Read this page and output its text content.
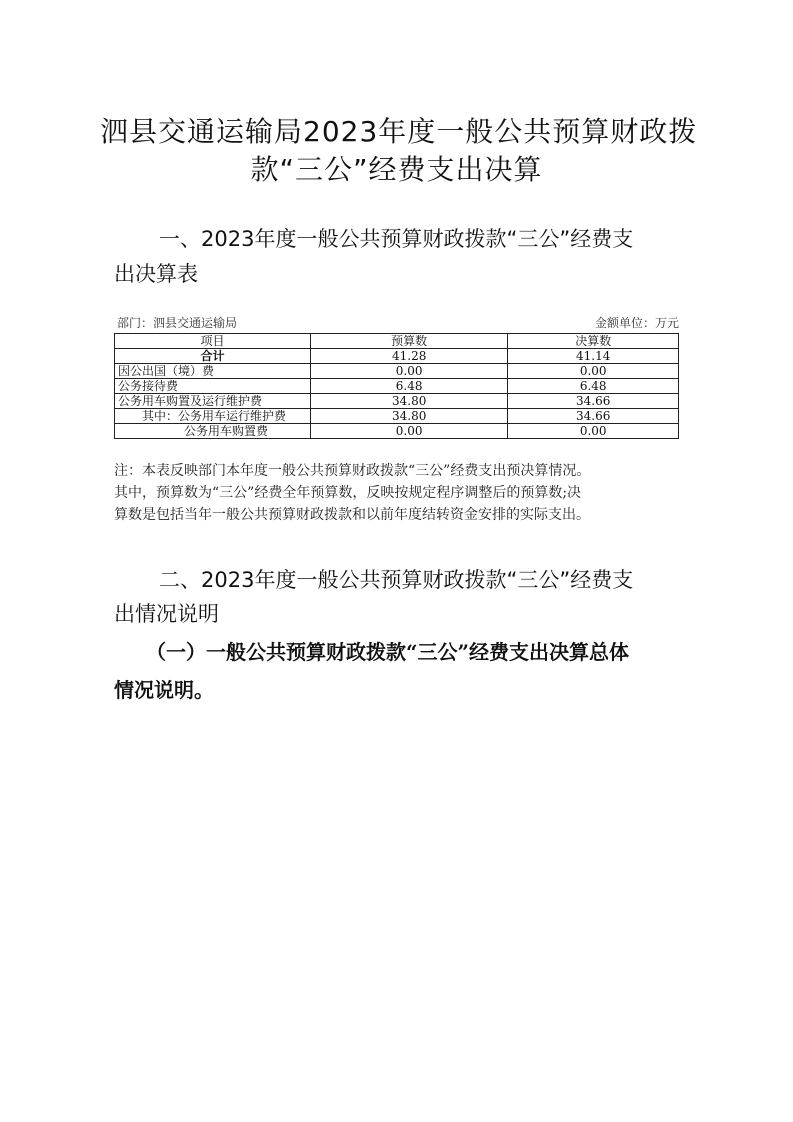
泗县交通运输局2023年度一般公共预算财政拨
款“三公”经费支出决算
一、2023年度一般公共预算财政拨款“三公”经费支
出决算表
部门：泗县交通运输局	金额单位：万元
项目	预算数	决算数
合计	41.28	41.14
因公出国（境）费	0.00	0.00
公务接待费	6.48	6.48
公务用车购置及运行维护费	34.80	34.66
其中：公务用车运行维护费	34.80	34.66
公务用车购置费	0.00	0.00
注：本表反映部门本年度一般公共预算财政拨款“三公”经费支出预决算情况。
其中，预算数为“三公”经费全年预算数，反映按规定程序调整后的预算数;决
算数是包括当年一般公共预算财政拨款和以前年度结转资金安排的实际支出。
二、2023年度一般公共预算财政拨款“三公”经费支
出情况说明
（一）一般公共预算财政拨款“三公”经费支出决算总体
情况说明。
